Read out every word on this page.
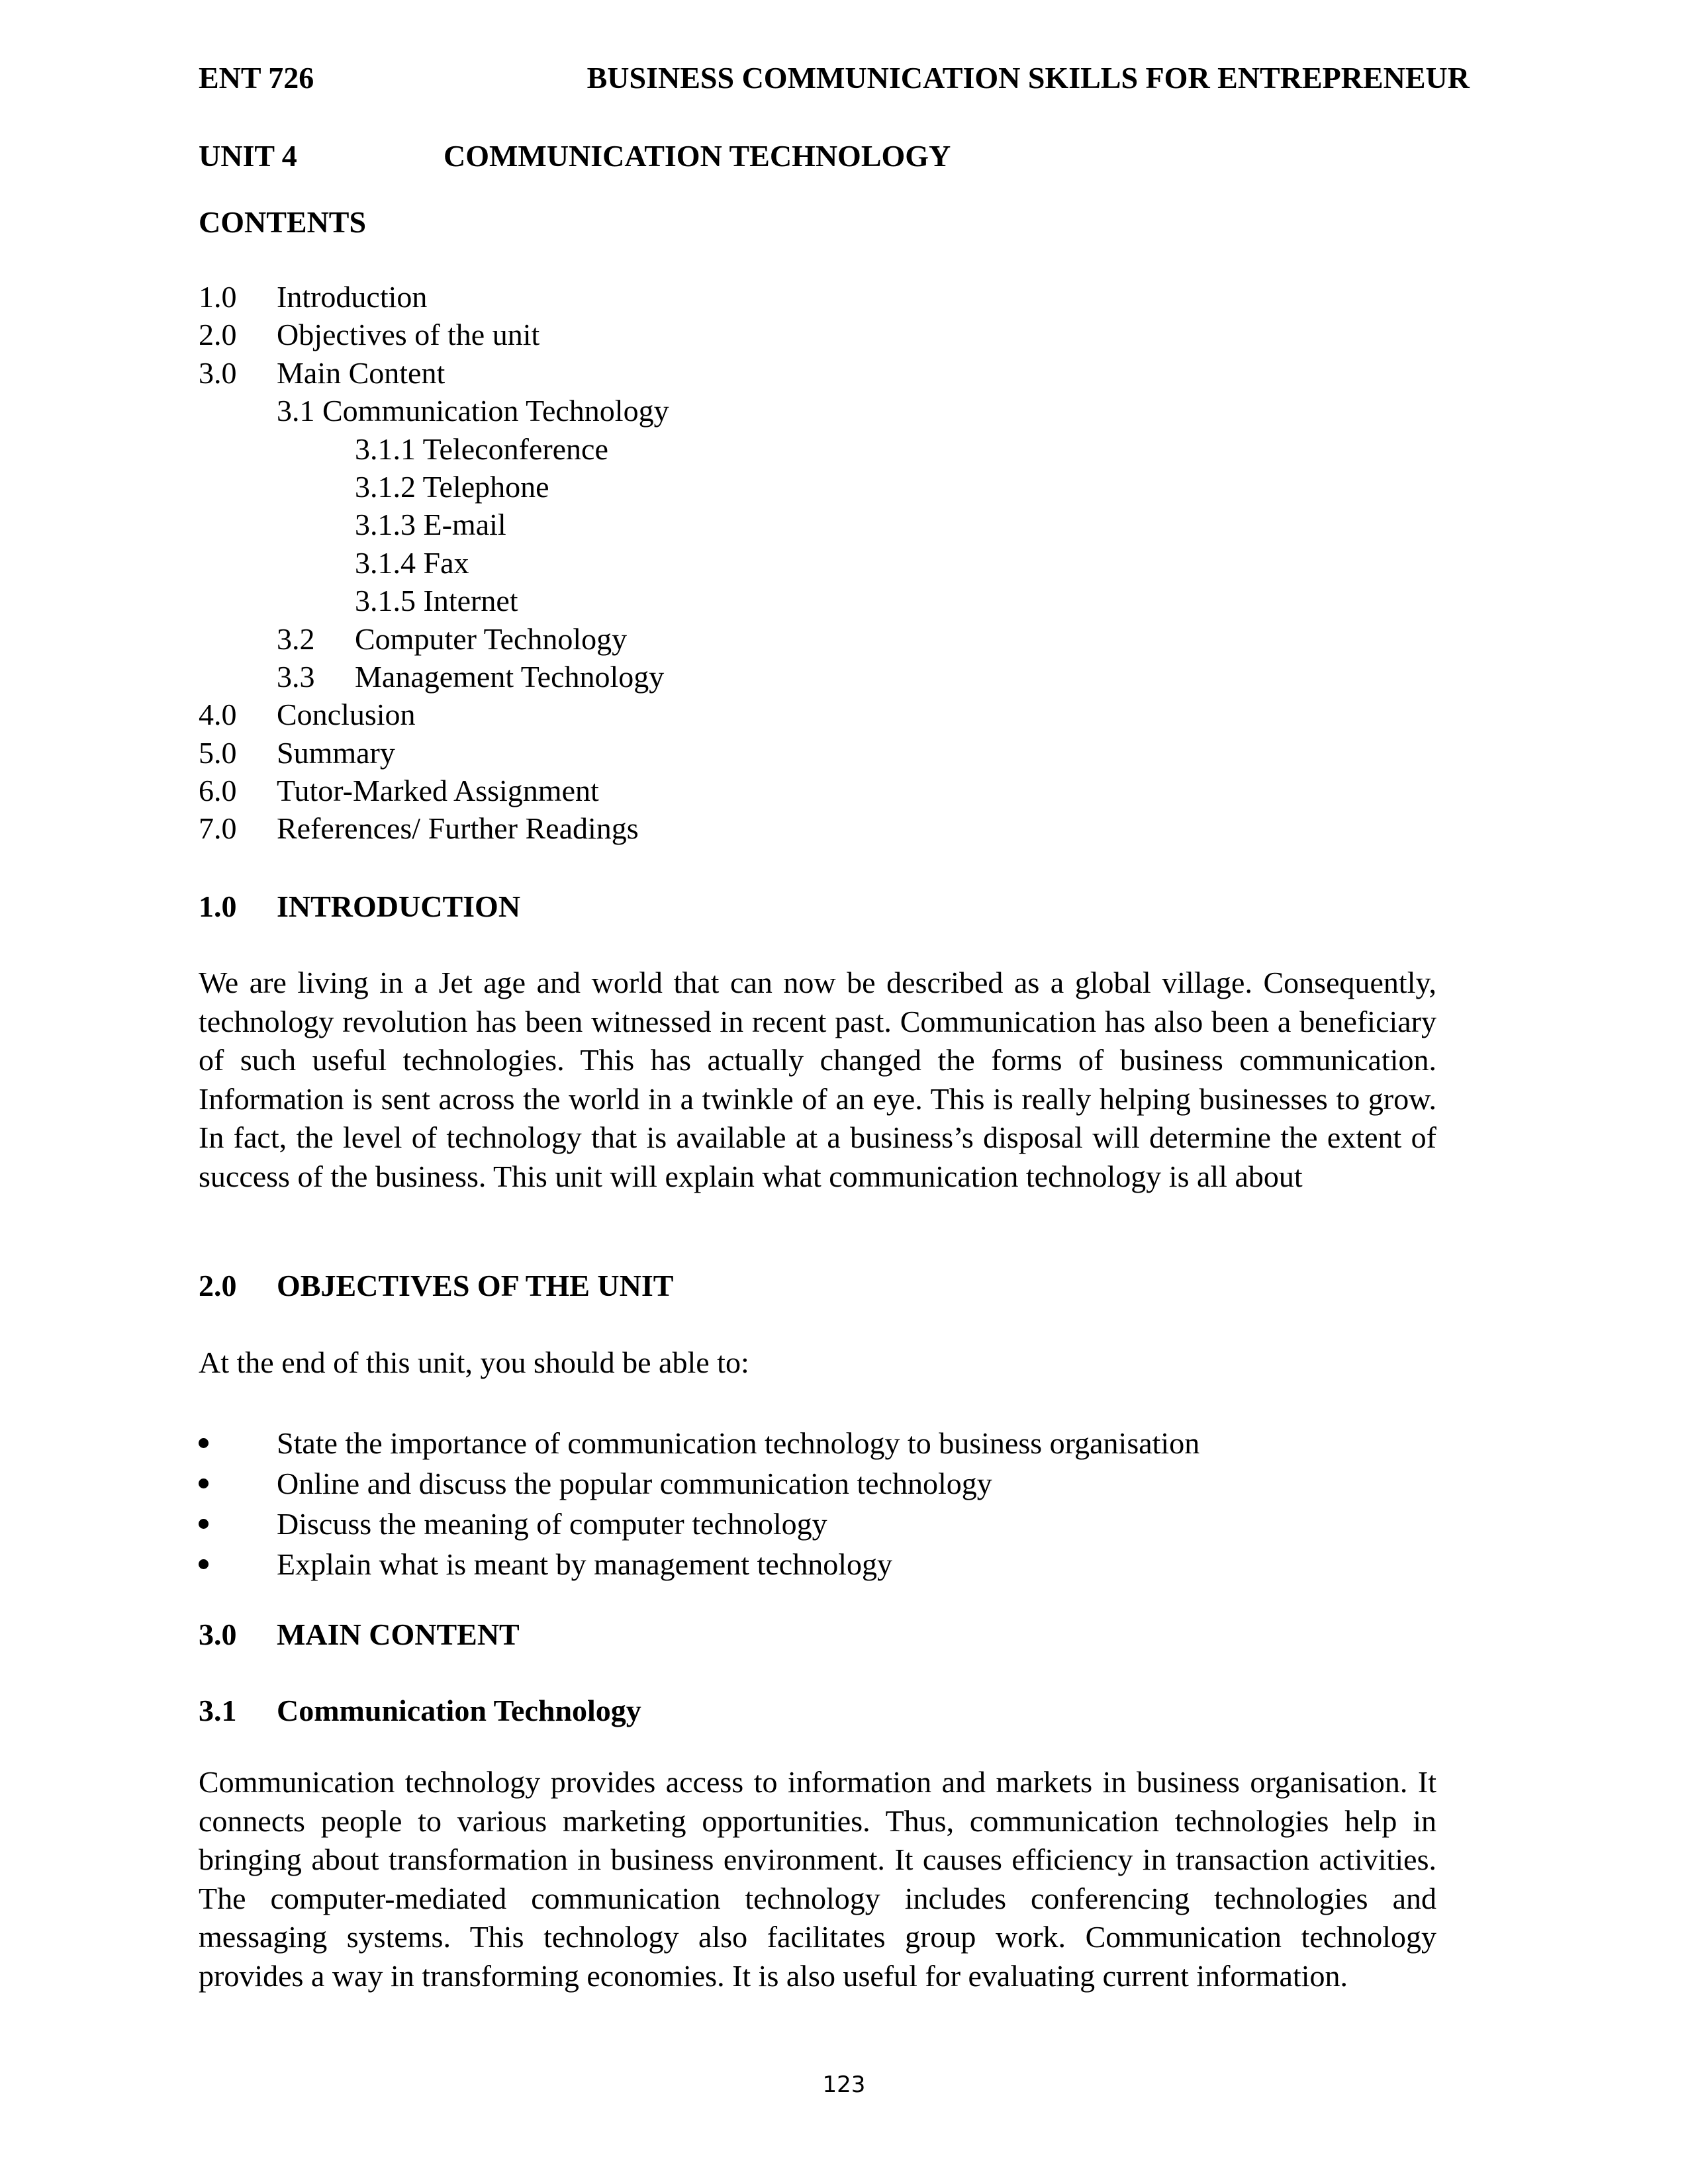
ENT 726	BUSINESS COMMUNICATION SKILLS FOR ENTREPRENEUR
UNIT 4	COMMUNICATION TECHNOLOGY
CONTENTS
1.0 Introduction
2.0 Objectives of the unit
3.0 Main Content
3.1 Communication Technology
3.1.1 Teleconference
3.1.2 Telephone
3.1.3 E-mail
3.1.4 Fax
3.1.5 Internet
3.2 Computer Technology
3.3 Management Technology
4.0 Conclusion
5.0 Summary
6.0 Tutor-Marked Assignment
7.0 References/ Further Readings
1.0 INTRODUCTION

We are living in a Jet age and world that can now be described as a global village. Consequently, technology revolution has been witnessed in recent past. Communication has also been a beneficiary of such useful technologies. This has actually changed the forms of business communication. Information is sent across the world in a twinkle of an eye. This is really helping businesses to grow. In fact, the level of technology that is available at a business’s disposal will determine the extent of success of the business. This unit will explain what communication technology is all about

2.0 OBJECTIVES OF THE UNIT

At the end of this unit, you should be able to:

State the importance of communication technology to business organisation
Online and discuss the popular communication technology
Discuss the meaning of computer technology
Explain what is meant by management technology
3.0 MAIN CONTENT
3.1 Communication Technology

Communication technology provides access to information and markets in business organisation. It connects people to various marketing opportunities. Thus, communication technologies help in bringing about transformation in business environment. It causes efficiency in transaction activities. The computer-mediated communication technology includes conferencing technologies and messaging systems. This technology also facilitates group work. Communication technology provides a way in transforming economies. It is also useful for evaluating current information.

123
